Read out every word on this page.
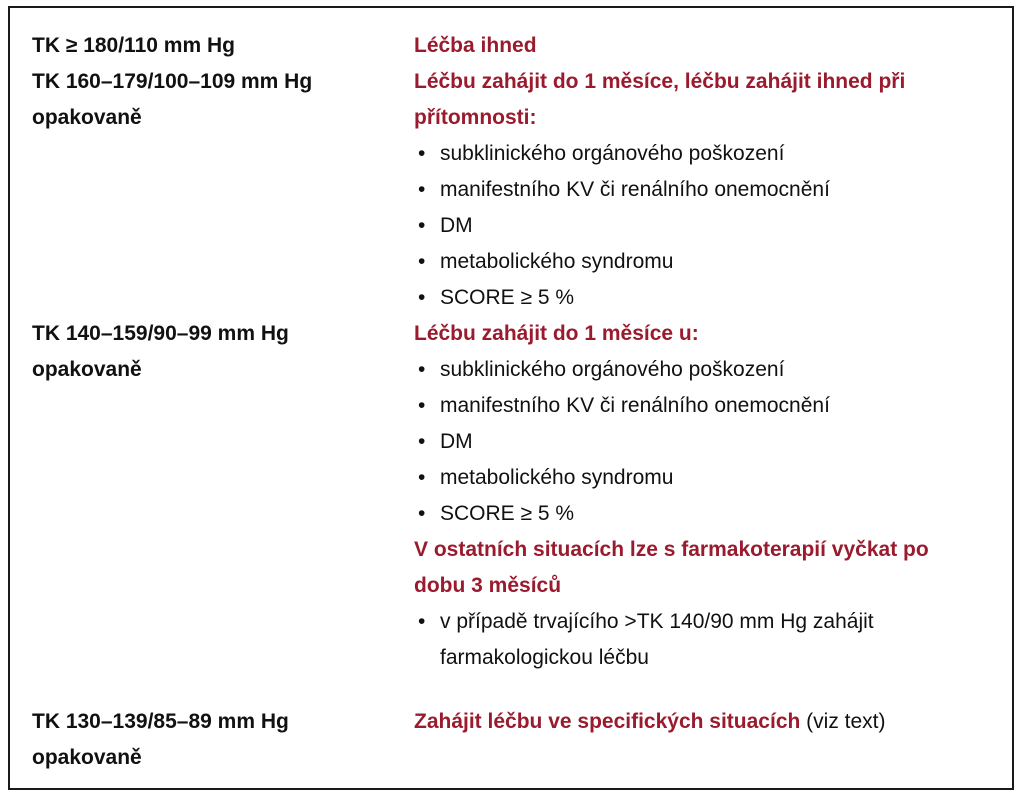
TK ≥ 180/110 mm Hg	Léčba ihned
TK 160–179/100–109 mm Hg
opakovaně
Léčbu zahájit do 1 měsíce, léčbu zahájit ihned při
přítomnosti:
• subklinického orgánového poškození
• manifestního KV či renálního onemocnění
• DM
• metabolického syndromu
• SCORE ≥ 5 %
TK 140–159/90–99 mm Hg
opakovaně
Léčbu zahájit do 1 měsíce u:
• subklinického orgánového poškození
• manifestního KV či renálního onemocnění
• DM
• metabolického syndromu
• SCORE ≥ 5 %
V ostatních situacích lze s farmakoterapií vyčkat po
dobu 3 měsíců
• v případě trvajícího >TK 140/90 mm Hg zahájit
farmakologickou léčbu
TK 130–139/85–89 mm Hg
opakovaně
Zahájit léčbu ve specifických situacích (viz text)
